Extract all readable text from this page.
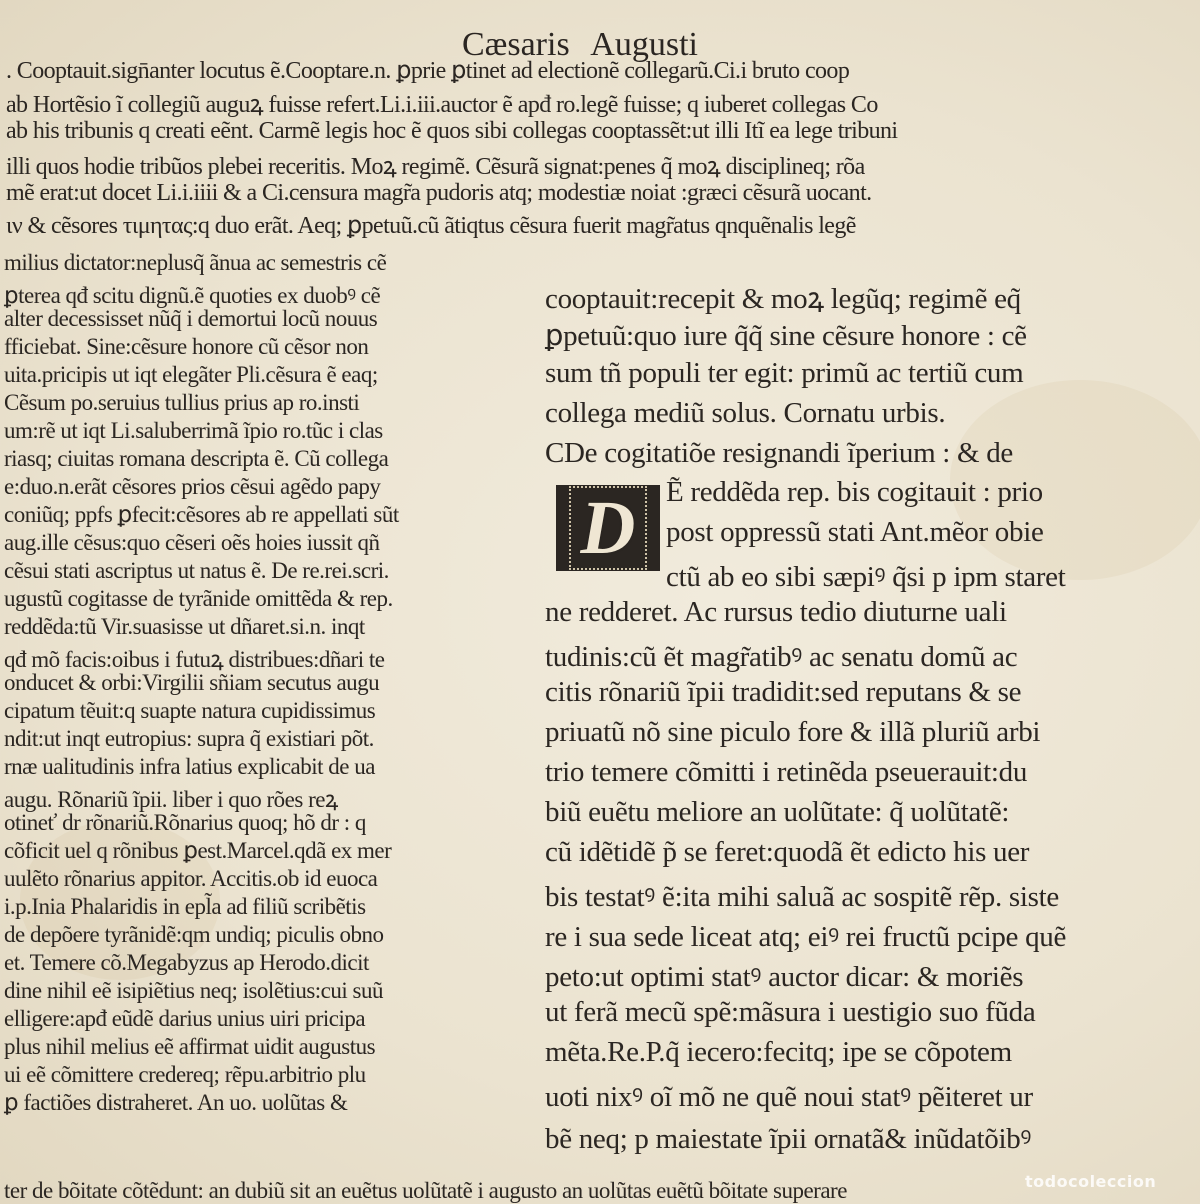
Cæsaris Augusti
. Cooptauit.sign̄anter locutus ẽ.Cooptare.n. ꝑprie ꝑtinet ad electionẽ collegarũ.Ci.i bruto coop
ab Hortẽsio ĩ collegiũ auguꝝ fuisse refert.Li.i.iii.auctor ẽ apđ ro.legẽ fuisse; q iuberet collegas Co
ab his tribunis q creati eẽnt. Carmẽ legis hoc ẽ quos sibi collegas cooptassẽt:ut illi Itĩ ea lege tribuni
illi quos hodie tribũos plebei receritis. Moꝝ regimẽ. Cẽsurã signat:penes q̃ moꝝ disciplineq; rõa
mẽ erat:ut docet Li.i.iiii & a Ci.censura magr̃a pudoris atq; modestiæ noiat :græci cẽsurã uocant.
ιν & cẽsores τιμητας:q duo erãt. Aeq; ꝑpetuũ.cũ ãtiqtus cẽsura fuerit magr̃atus qnquẽnalis legẽ
milius dictator:neplusq̃ ãnua ac semestris cẽ
ꝑterea qđ scitu dignũ.ẽ quoties ex duobꝰ cẽ
alter decessisset nũq̃ i demortui locũ nouus
fficiebat. Sine:cẽsure honore cũ cẽsor non
uita.pricipis ut iqt elegãter Pli.cẽsura ẽ eaq;
Cẽsum po.seruius tullius prius ap ro.insti
um:rẽ ut iqt Li.saluberrimã ĩpio ro.tũc i clas
riasq; ciuitas romana descripta ẽ. Cũ collega
e:duo.n.erãt cẽsores prios cẽsui agẽdo papy
coniũq; ppfs ꝑfecit:cẽsores ab re appellati sũt
aug.ille cẽsus:quo cẽseri oẽs hoies iussit qñ
cẽsui stati ascriptus ut natus ẽ. De re.rei.scri.
ugustũ cogitasse de tyrãnide omittẽda & rep.
reddẽda:tũ Vir.suasisse ut dñaret.si.n. inqt
qđ mõ facis:oibus i futuꝝ distribues:dñari te
onducet & orbi:Virgilii sñiam secutus augu
cipatum tẽuit:q suapte natura cupidissimus
ndit:ut inqt eutropius: supra q̃ existiari põt.
rnæ ualitudinis infra latius explicabit de ua
augu. Rõnariũ ĩpii. liber i quo rões reꝝ
otineť dr rõnariũ.Rõnarius quoq; hõ dr : q
cõficit uel q rõnibus ꝑest.Marcel.qdã ex mer
uulẽto rõnarius appitor. Accitis.ob id euoca
i.p.Inia Phalaridis in epl̃a ad filiũ scribẽtis
de depõere tyrãnidẽ:qm undiq; piculis obno
et. Temere cõ.Megabyzus ap Herodo.dicit
dine nihil eẽ isipiẽtius neq; isolẽtius:cui suũ
elligere:apđ eũdẽ darius unius uiri pricipa
plus nihil melius eẽ affirmat uidit augustus
ui eẽ cõmittere credereq; rẽpu.arbitrio plu
ꝑ factiões distraheret. An uo. uolũtas &
cooptauit:recepit & moꝝ legũq; regimẽ eq̃
ꝑpetuũ:quo iure q̃q̃ sine cẽsure honore : cẽ
sum tñ populi ter egit: primũ ac tertiũ cum
collega mediũ solus. Cornatu urbis.
CDe cogitatiõe resignandi ĩperium : & de
Ẽ reddẽda rep. bis cogitauit : prio
post oppressũ stati Ant.mẽor obie
ctũ ab eo sibi sæpiꝰ q̃si p ipm staret
ne redderet. Ac rursus tedio diuturne uali
tudinis:cũ ẽt magr̃atibꝰ ac senatu domũ ac
citis rõnariũ ĩpii tradidit:sed reputans & se
priuatũ nõ sine piculo fore & illã pluriũ arbi
trio temere cõmitti i retinẽda pseuerauit:du
biũ euẽtu meliore an uolũtate: q̃ uolũtatẽ:
cũ idẽtidẽ p̃ se feret:quodã ẽt edicto his uer
bis testatꝰ ẽ:ita mihi saluã ac sospitẽ rẽp. siste
re i sua sede liceat atq; eiꝰ rei fructũ pcipe quẽ
peto:ut optimi statꝰ auctor dicar: & moriẽs
ut ferã mecũ spẽ:mãsura i uestigio suo fũda
mẽta.Re.P.q̃ iecero:fecitq; ipe se cõpotem
uoti nixꝰ oĩ mõ ne quẽ noui statꝰ pẽiteret ur
bẽ neq; p maiestate ĩpii ornatã& inũdatõibꝰ
D
ter de bõitate cõtẽdunt: an dubiũ sit an euẽtus uolũtatẽ i augusto an uolũtas euẽtũ bõitate superare	todocoleccion
